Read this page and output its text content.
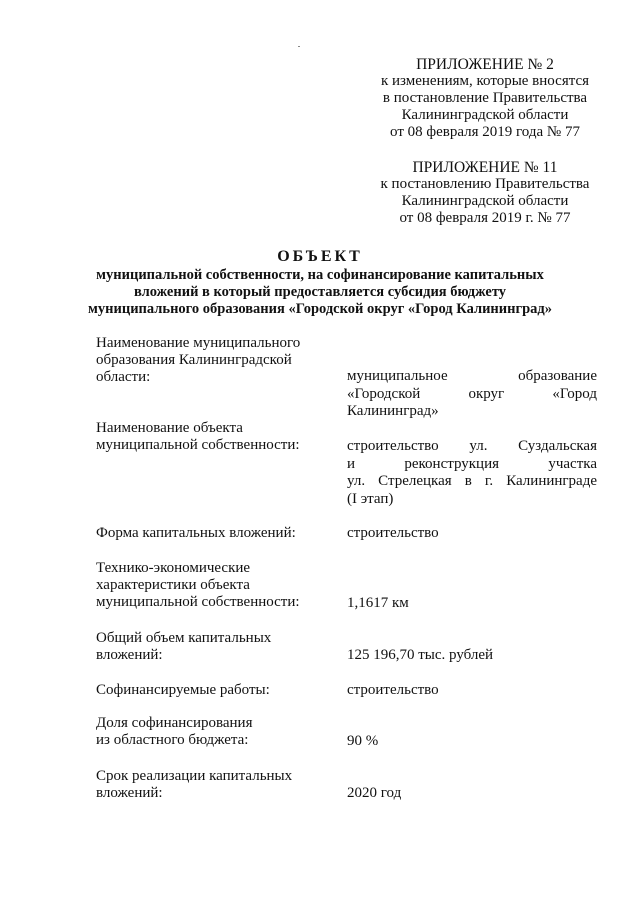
ПРИЛОЖЕНИЕ № 2
к изменениям, которые вносятся
в постановление Правительства
Калининградской области
от 08 февраля 2019 года № 77
ПРИЛОЖЕНИЕ № 11
к постановлению Правительства
Калининградской области
от 08 февраля 2019 г. № 77
ОБЪЕКТ
муниципальной собственности, на софинансирование капитальных
вложений в который предоставляется субсидия бюджету
муниципального образования «Городской округ «Город Калининград»
Наименование муниципального
образования Калининградской
области:	муниципальное	образование
«Городской	округ	«Город
Калининград»
Наименование объекта
муниципальной собственности:	строительство ул. Суздальская
и	реконструкция	участка
ул. Стрелецкая в г. Калининграде
(I этап)
Форма капитальных вложений:	строительство
Технико-экономические
характеристики объекта
муниципальной собственности:	1,1617 км
Общий объем капитальных
вложений:	125 196,70 тыс. рублей
Софинансируемые работы:	строительство
Доля софинансирования
из областного бюджета:	90 %
Срок реализации капитальных
вложений:	2020 год
